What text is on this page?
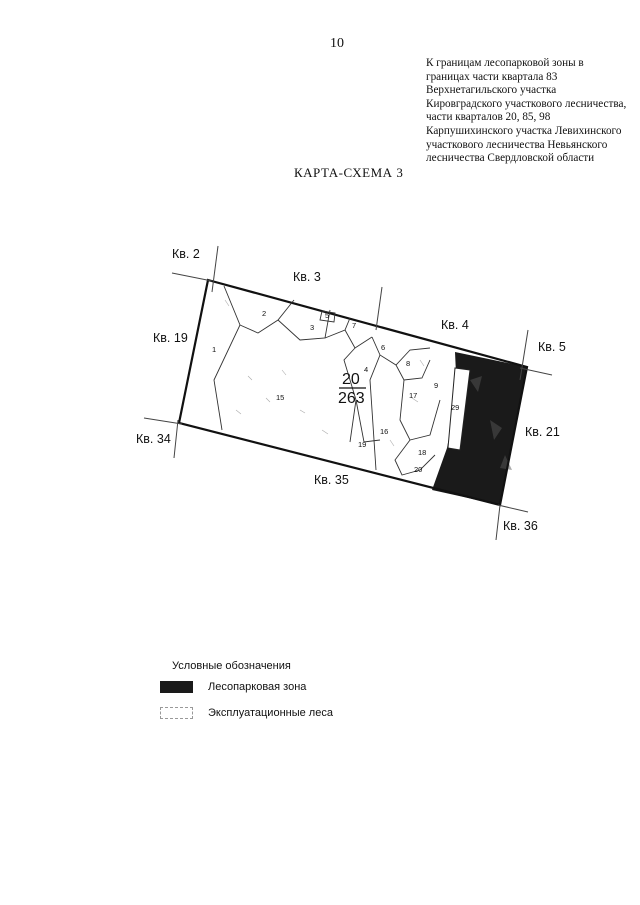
10
К границам лесопарковой зоны в
границах части квартала 83
Верхнетагильского участка
Кировградского участкового лесничества,
части кварталов 20, 85, 98
Карпушихинского участка Левихинского
участкового лесничества Невьянского
лесничества Свердловской области
КАРТА-СХЕМА 3
1
2
3
4
5
6
7
8
9
15
16
17
18
19
20
29
20
263
Кв. 2
Кв. 3
Кв. 4
Кв. 5
Кв. 19
Кв. 21
Кв. 34
Кв. 35
Кв. 36
Условные обозначения
Лесопарковая зона
Эксплуатационные леса
